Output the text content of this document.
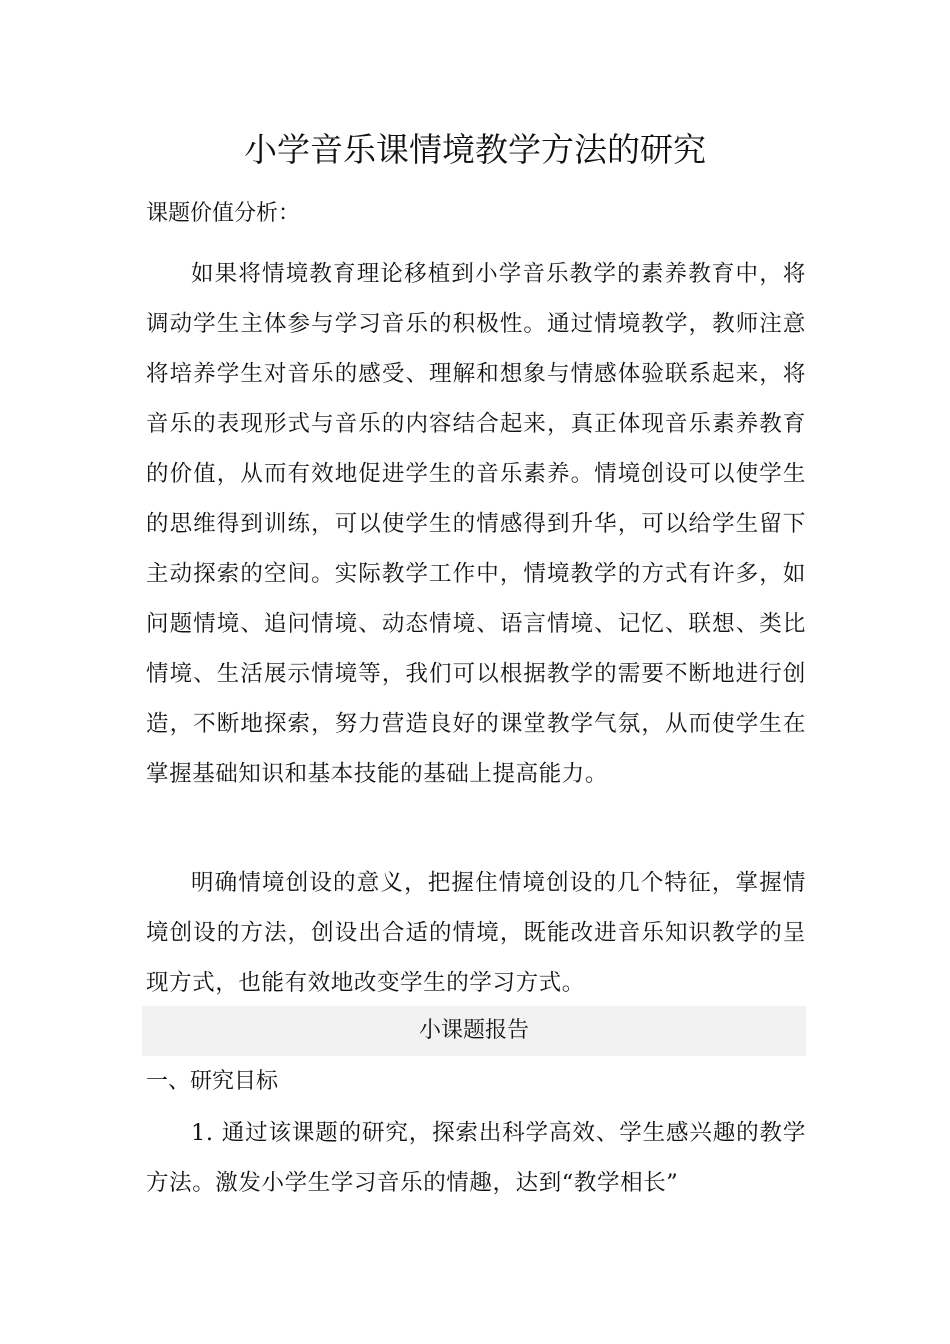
小学音乐课情境教学方法的研究
课题价值分析：

如果将情境教育理论移植到小学音乐教学的素养教育中，将调动学生主体参与学习音乐的积极性。通过情境教学，教师注意将培养学生对音乐的感受、理解和想象与情感体验联系起来，将音乐的表现形式与音乐的内容结合起来，真正体现音乐素养教育的价值，从而有效地促进学生的音乐素养。情境创设可以使学生的思维得到训练，可以使学生的情感得到升华，可以给学生留下主动探索的空间。实际教学工作中，情境教学的方式有许多，如问题情境、追问情境、动态情境、语言情境、记忆、联想、类比情境、生活展示情境等，我们可以根据教学的需要不断地进行创造，不断地探索，努力营造良好的课堂教学气氛，从而使学生在掌握基础知识和基本技能的基础上提高能力。

明确情境创设的意义，把握住情境创设的几个特征，掌握情境创设的方法，创设出合适的情境，既能改进音乐知识教学的呈现方式，也能有效地改变学生的学习方式。

小课题报告
一、研究目标

1. 通过该课题的研究，探索出科学高效、学生感兴趣的教学方法。激发小学生学习音乐的情趣，达到“教学相长”
